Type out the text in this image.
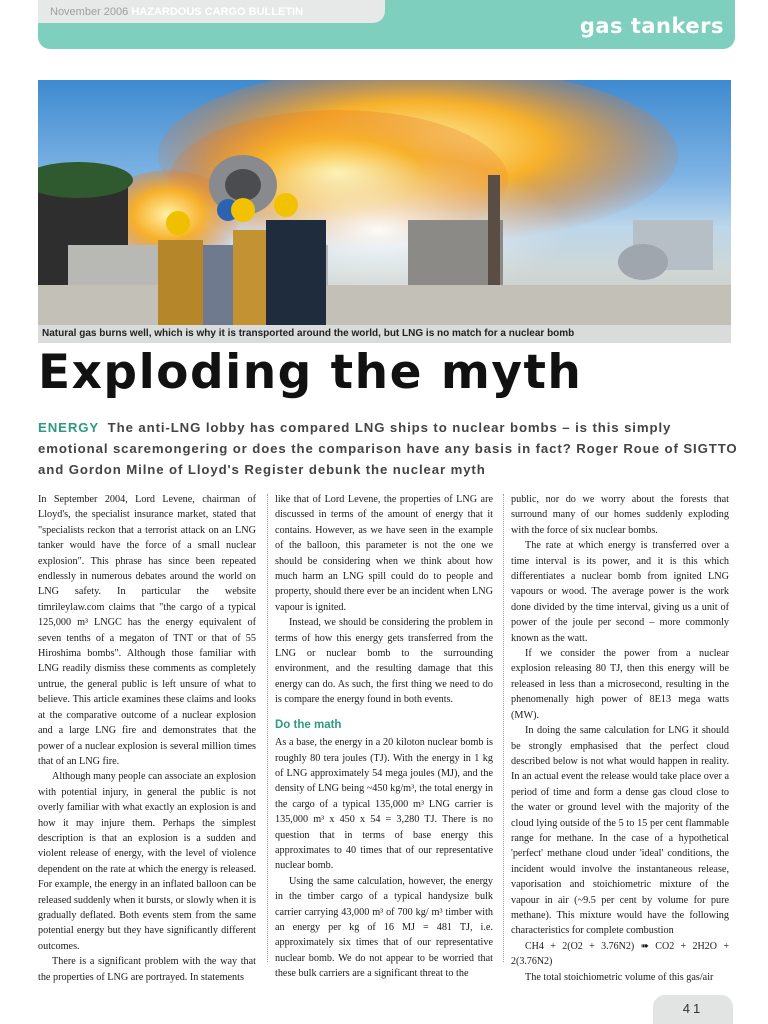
November 2006 HAZARDOUS CARGO BULLETIN
gas tankers
Natural gas burns well, which is why it is transported around the world, but LNG is no match for a nuclear bomb
Exploding the myth
ENERGY The anti-LNG lobby has compared LNG ships to nuclear bombs – is this simply emotional scaremongering or does the comparison have any basis in fact? Roger Roue of SIGTTO and Gordon Milne of Lloyd's Register debunk the nuclear myth

In September 2004, Lord Levene, chairman of Lloyd's, the specialist insurance market, stated that "specialists reckon that a terrorist attack on an LNG tanker would have the force of a small nuclear explosion". This phrase has since been repeated endlessly in numerous debates around the world on LNG safety. In particular the website timrileylaw.com claims that "the cargo of a typical 125,000 m³ LNGC has the energy equivalent of seven tenths of a megaton of TNT or that of 55 Hiroshima bombs". Although those familiar with LNG readily dismiss these comments as completely untrue, the general public is left unsure of what to believe. This article examines these claims and looks at the comparative outcome of a nuclear explosion and a large LNG fire and demonstrates that the power of a nuclear explosion is several million times that of an LNG fire.

Although many people can associate an explosion with potential injury, in general the public is not overly familiar with what exactly an explosion is and how it may injure them. Perhaps the simplest description is that an explosion is a sudden and violent release of energy, with the level of violence dependent on the rate at which the energy is released. For example, the energy in an inflated balloon can be released suddenly when it bursts, or slowly when it is gradually deflated. Both events stem from the same potential energy but they have significantly different outcomes.

There is a significant problem with the way that the properties of LNG are portrayed. In statements

like that of Lord Levene, the properties of LNG are discussed in terms of the amount of energy that it contains. However, as we have seen in the example of the balloon, this parameter is not the one we should be considering when we think about how much harm an LNG spill could do to people and property, should there ever be an incident when LNG vapour is ignited.

Instead, we should be considering the problem in terms of how this energy gets transferred from the LNG or nuclear bomb to the surrounding environment, and the resulting damage that this energy can do. As such, the first thing we need to do is compare the energy found in both events.

Do the math

As a base, the energy in a 20 kiloton nuclear bomb is roughly 80 tera joules (TJ). With the energy in 1 kg of LNG approximately 54 mega joules (MJ), and the density of LNG being ~450 kg/m³, the total energy in the cargo of a typical 135,000 m³ LNG carrier is 135,000 m³ x 450 x 54 = 3,280 TJ. There is no question that in terms of base energy this approximates to 40 times that of our representative nuclear bomb.

Using the same calculation, however, the energy in the timber cargo of a typical handysize bulk carrier carrying 43,000 m³ of 700 kg/ m³ timber with an energy per kg of 16 MJ = 481 TJ, i.e. approximately six times that of our representative nuclear bomb. We do not appear to be worried that these bulk carriers are a significant threat to the

public, nor do we worry about the forests that surround many of our homes suddenly exploding with the force of six nuclear bombs.

The rate at which energy is transferred over a time interval is its power, and it is this which differentiates a nuclear bomb from ignited LNG vapours or wood. The average power is the work done divided by the time interval, giving us a unit of power of the joule per second – more commonly known as the watt.

If we consider the power from a nuclear explosion releasing 80 TJ, then this energy will be released in less than a microsecond, resulting in the phenomenally high power of 8E13 mega watts (MW).

In doing the same calculation for LNG it should be strongly emphasised that the perfect cloud described below is not what would happen in reality. In an actual event the release would take place over a period of time and form a dense gas cloud close to the water or ground level with the majority of the cloud lying outside of the 5 to 15 per cent flammable range for methane. In the case of a hypothetical 'perfect' methane cloud under 'ideal' conditions, the incident would involve the instantaneous release, vaporisation and stoichiometric mixture of the vapour in air (~9.5 per cent by volume for pure methane). This mixture would have the following characteristics for complete combustion

CH4 + 2(O2 + 3.76N2) ➠ CO2 + 2H2O + 2(3.76N2)

The total stoichiometric volume of this gas/air

41
